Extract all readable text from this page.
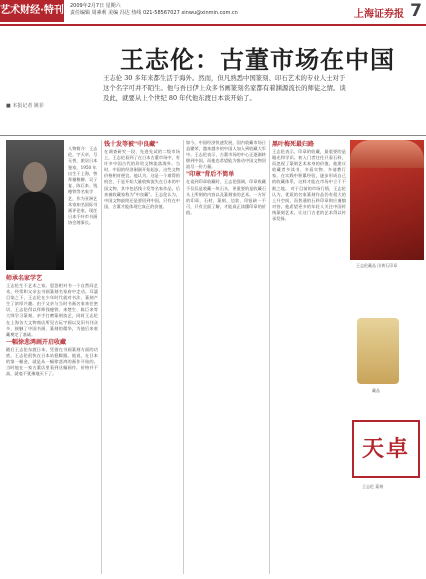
艺术财经·特刊 2009年2月7日 星期六
责任编辑 周素莉 美编 冯达 热线 021-58567027 xinwu@xinmin.com.cn	上海证券报 7
■ 本报记者 姚菲
王志伦：古董市场在中国
王志伦 30 多年来都生活于海外。然而，但凡熟悉中国篆刻、印石艺术的专业人士对于这个名字可并不陌生。他与吾日伊上众多书画篆刻名家都有着渊源流长的师徒之情。谈及此，就要从上个世纪 80 年代他东渡日本谈开始了。
人物简介：王志伦，字天卓，号无兽，旅居日本鉴家，1950 年出生于上海，曾拜谢稚柳、吴子复、陈巨来、钱瘦铁等名家学艺，作为亚洲艺术家知名国际书画评论家，现任日本千叶市书画协会理事长。
师承名家学艺
王志伦生于艺术之家。恩怨相对书一个自然同艺术，经常和父亲去书画篆刻名家府中走动。耳濡目染之下，王志伦在少年时代就对书法、篆刻产生了浓厚兴趣。由于父亲与当时书画名家来往密切，王志伦得以拜师钱瘦铁、来楚生、陈巨来等大师学习篆刻，亲手打磨篆刻技艺，同时王志伦在上海各大文物商店所见古玩字画以及旧书刊众多，接触了中国书画、篆刻的精华，为他后来收藏奠定了基础。
一幅徐悲鸿画开启收藏
随后王志伦东渡日本，凭借在书画篆刻方面的功底，王志伦很快在日本站稳脚跟。他说，在日本的第一桶金，就是从一幅徐悲鸿的画作开始的。当时他在一家古董店里看到这幅画作，价格并不高，就毫不犹豫地买下了。
钱十发等被"中良藏"
在调查研究一段、先进先试的二级市场上，王志伦看到了在日本古董市场中，有许多中国古代的珍贵文物流落海外。当时，中国的经济刚刚开始起步，这些文物价格相对便宜。他认为，这是一个难得的机会，于是开始大量收购流失在日本的中国文物，其中包括钱十发等名家作品，后来被收藏家称为"中良藏"。王志伦认为，中国文物最终还是要回到中国，只有在中国，古董才能体现它真正的价值。
如今，中国经济快速发展，国内收藏市场日益繁荣，越来越多的中国人加入到收藏大军中。王志伦表示，古董市场的中心正逐渐转移到中国，而他也希望能为推动中国文物回流尽一份力量。
"印章"背后不简单
在谈到印章收藏时，王志伦强调，印章收藏不仅仅是收藏一块石头，更重要的是收藏石头上所刻的内容以及篆刻家的艺术。一方好的印章，石材、篆刻、边款、印钮缺一不可，只有全面了解，才能真正读懂印章的价值。
黑叶梅死最归路
王志伦表示，印章的收藏，最重要的是眼光和学识。初入门者往往只看石料，而忽视了篆刻艺术本身的价值。他建议收藏者多读书、多看实物、多请教行家，在实践中积累经验，逐步形成自己的收藏体系，这样才能在市场中立于不败之地。 对于目前的市场行情，王志伦认为，优质的名家篆刻作品仍有很大的上升空间，而普通的石料印章则应谨慎对待。他希望更多的年轻人关注中国传统篆刻艺术，让这门古老的艺术得以传承发扬。
王志伦藏品 田黄石印章
藏品
天卓
王志伦 篆刻
